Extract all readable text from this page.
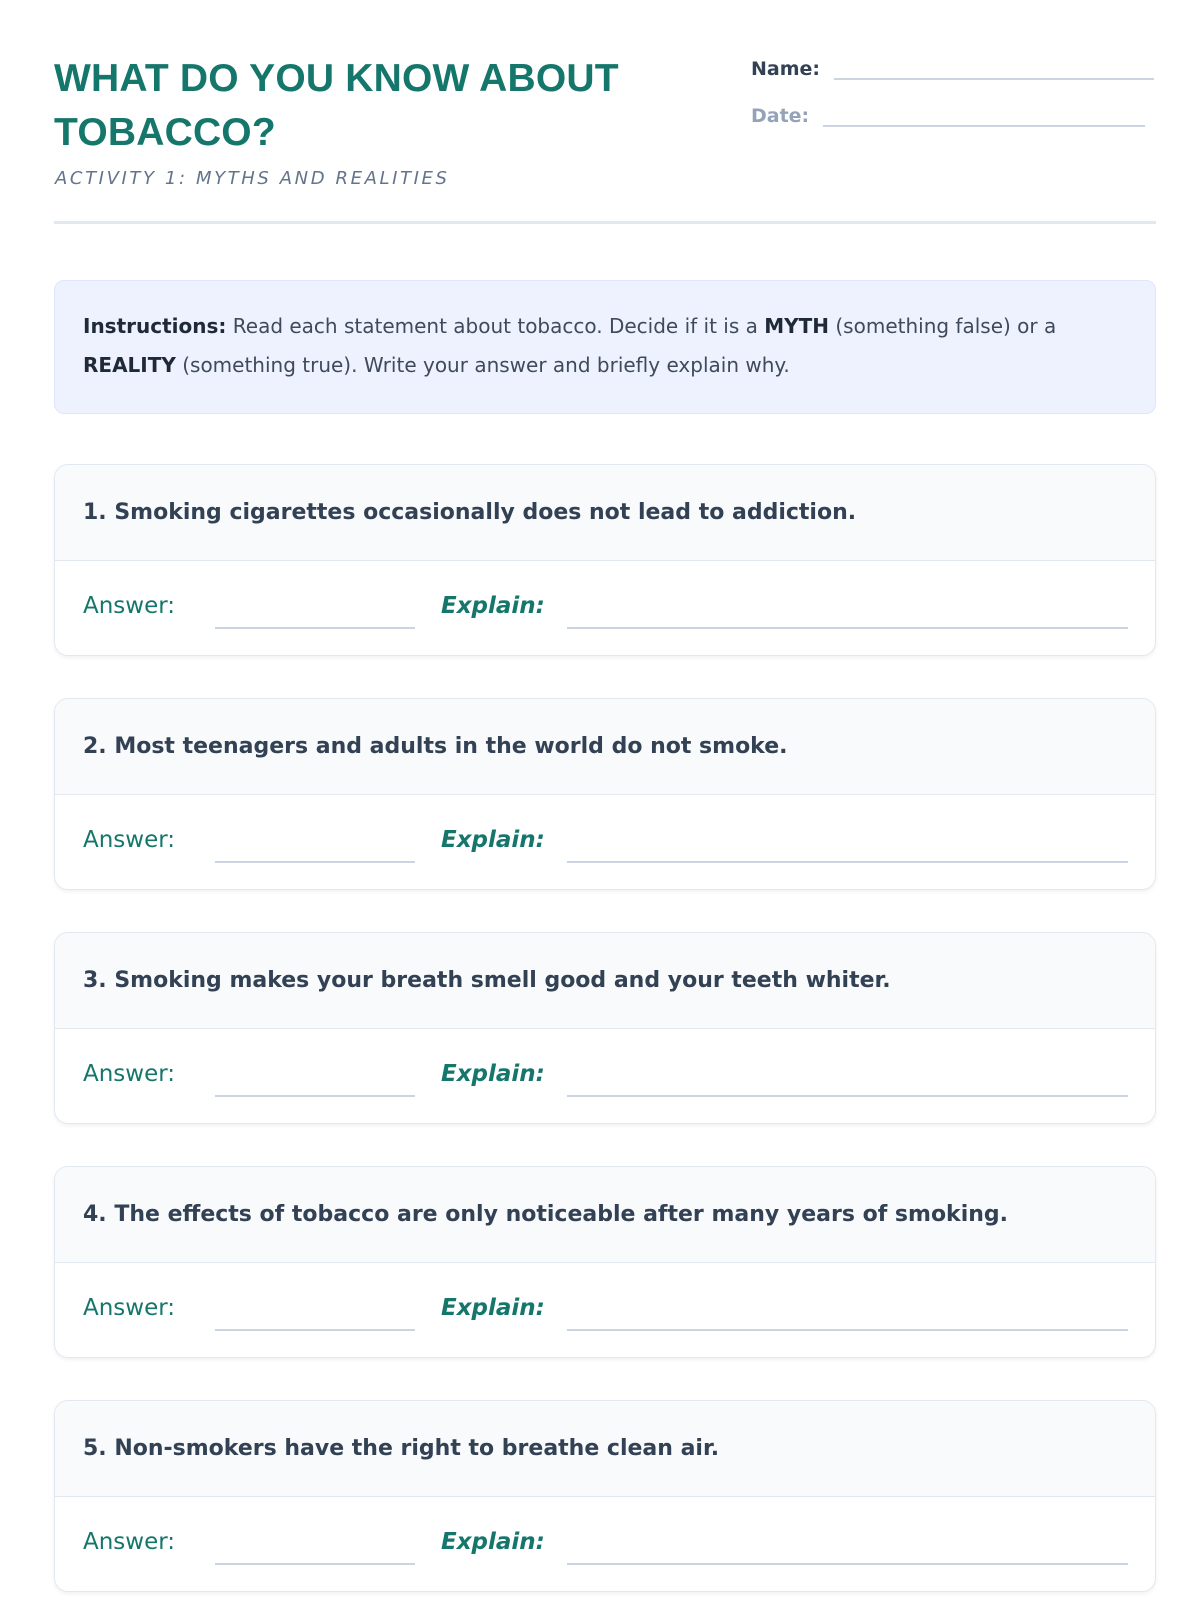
WHAT DO YOU KNOW ABOUT TOBACCO?
ACTIVITY 1: MYTHS AND REALITIES
Name:
Date:
Instructions: Read each statement about tobacco. Decide if it is a MYTH (something false) or a REALITY (something true). Write your answer and briefly explain why.
1. Smoking cigarettes occasionally does not lead to addiction.
Answer:	Explain:
2. Most teenagers and adults in the world do not smoke.
Answer:	Explain:
3. Smoking makes your breath smell good and your teeth whiter.
Answer:	Explain:
4. The effects of tobacco are only noticeable after many years of smoking.
Answer:	Explain:
5. Non-smokers have the right to breathe clean air.
Answer:	Explain:
